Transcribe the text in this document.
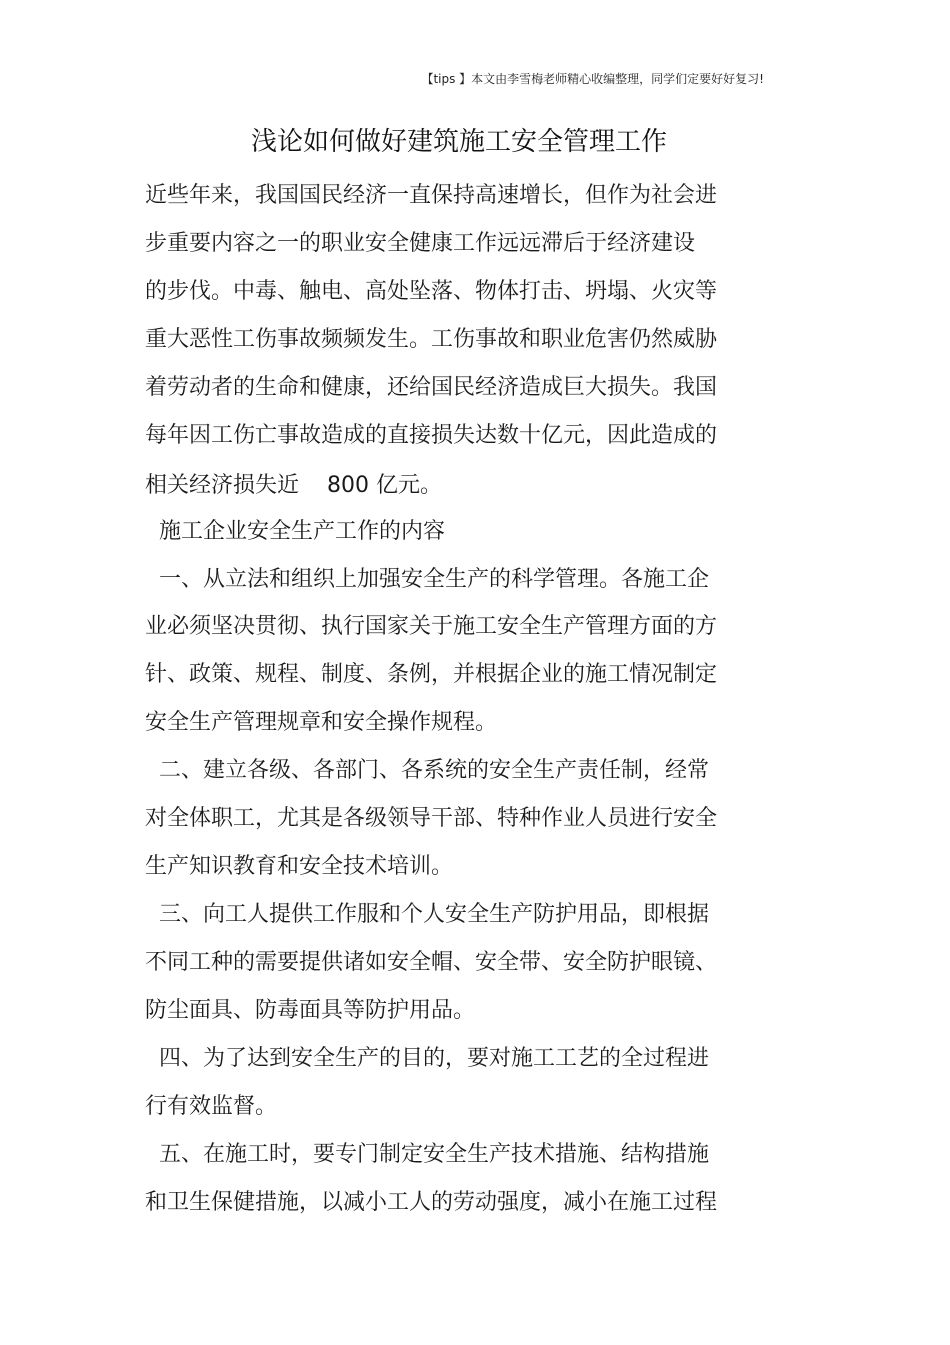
【tips 】本文由李雪梅老师精心收编整理，同学们定要好好复习!
浅论如何做好建筑施工安全管理工作
近些年来，我国国民经济一直保持高速增长，但作为社会进
步重要内容之一的职业安全健康工作远远滞后于经济建设
的步伐。中毒、触电、高处坠落、物体打击、坍塌、火灾等
重大恶性工伤事故频频发生。工伤事故和职业危害仍然威胁
着劳动者的生命和健康，还给国民经济造成巨大损失。我国
每年因工伤亡事故造成的直接损失达数十亿元，因此造成的
相关经济损失近    800 亿元。
施工企业安全生产工作的内容
一、从立法和组织上加强安全生产的科学管理。各施工企
业必须坚决贯彻、执行国家关于施工安全生产管理方面的方
针、政策、规程、制度、条例，并根据企业的施工情况制定
安全生产管理规章和安全操作规程。
二、建立各级、各部门、各系统的安全生产责任制，经常
对全体职工，尤其是各级领导干部、特种作业人员进行安全
生产知识教育和安全技术培训。
三、向工人提供工作服和个人安全生产防护用品，即根据
不同工种的需要提供诸如安全帽、安全带、安全防护眼镜、
防尘面具、防毒面具等防护用品。
四、为了达到安全生产的目的，要对施工工艺的全过程进
行有效监督。
五、在施工时，要专门制定安全生产技术措施、结构措施
和卫生保健措施，以减小工人的劳动强度，减小在施工过程
